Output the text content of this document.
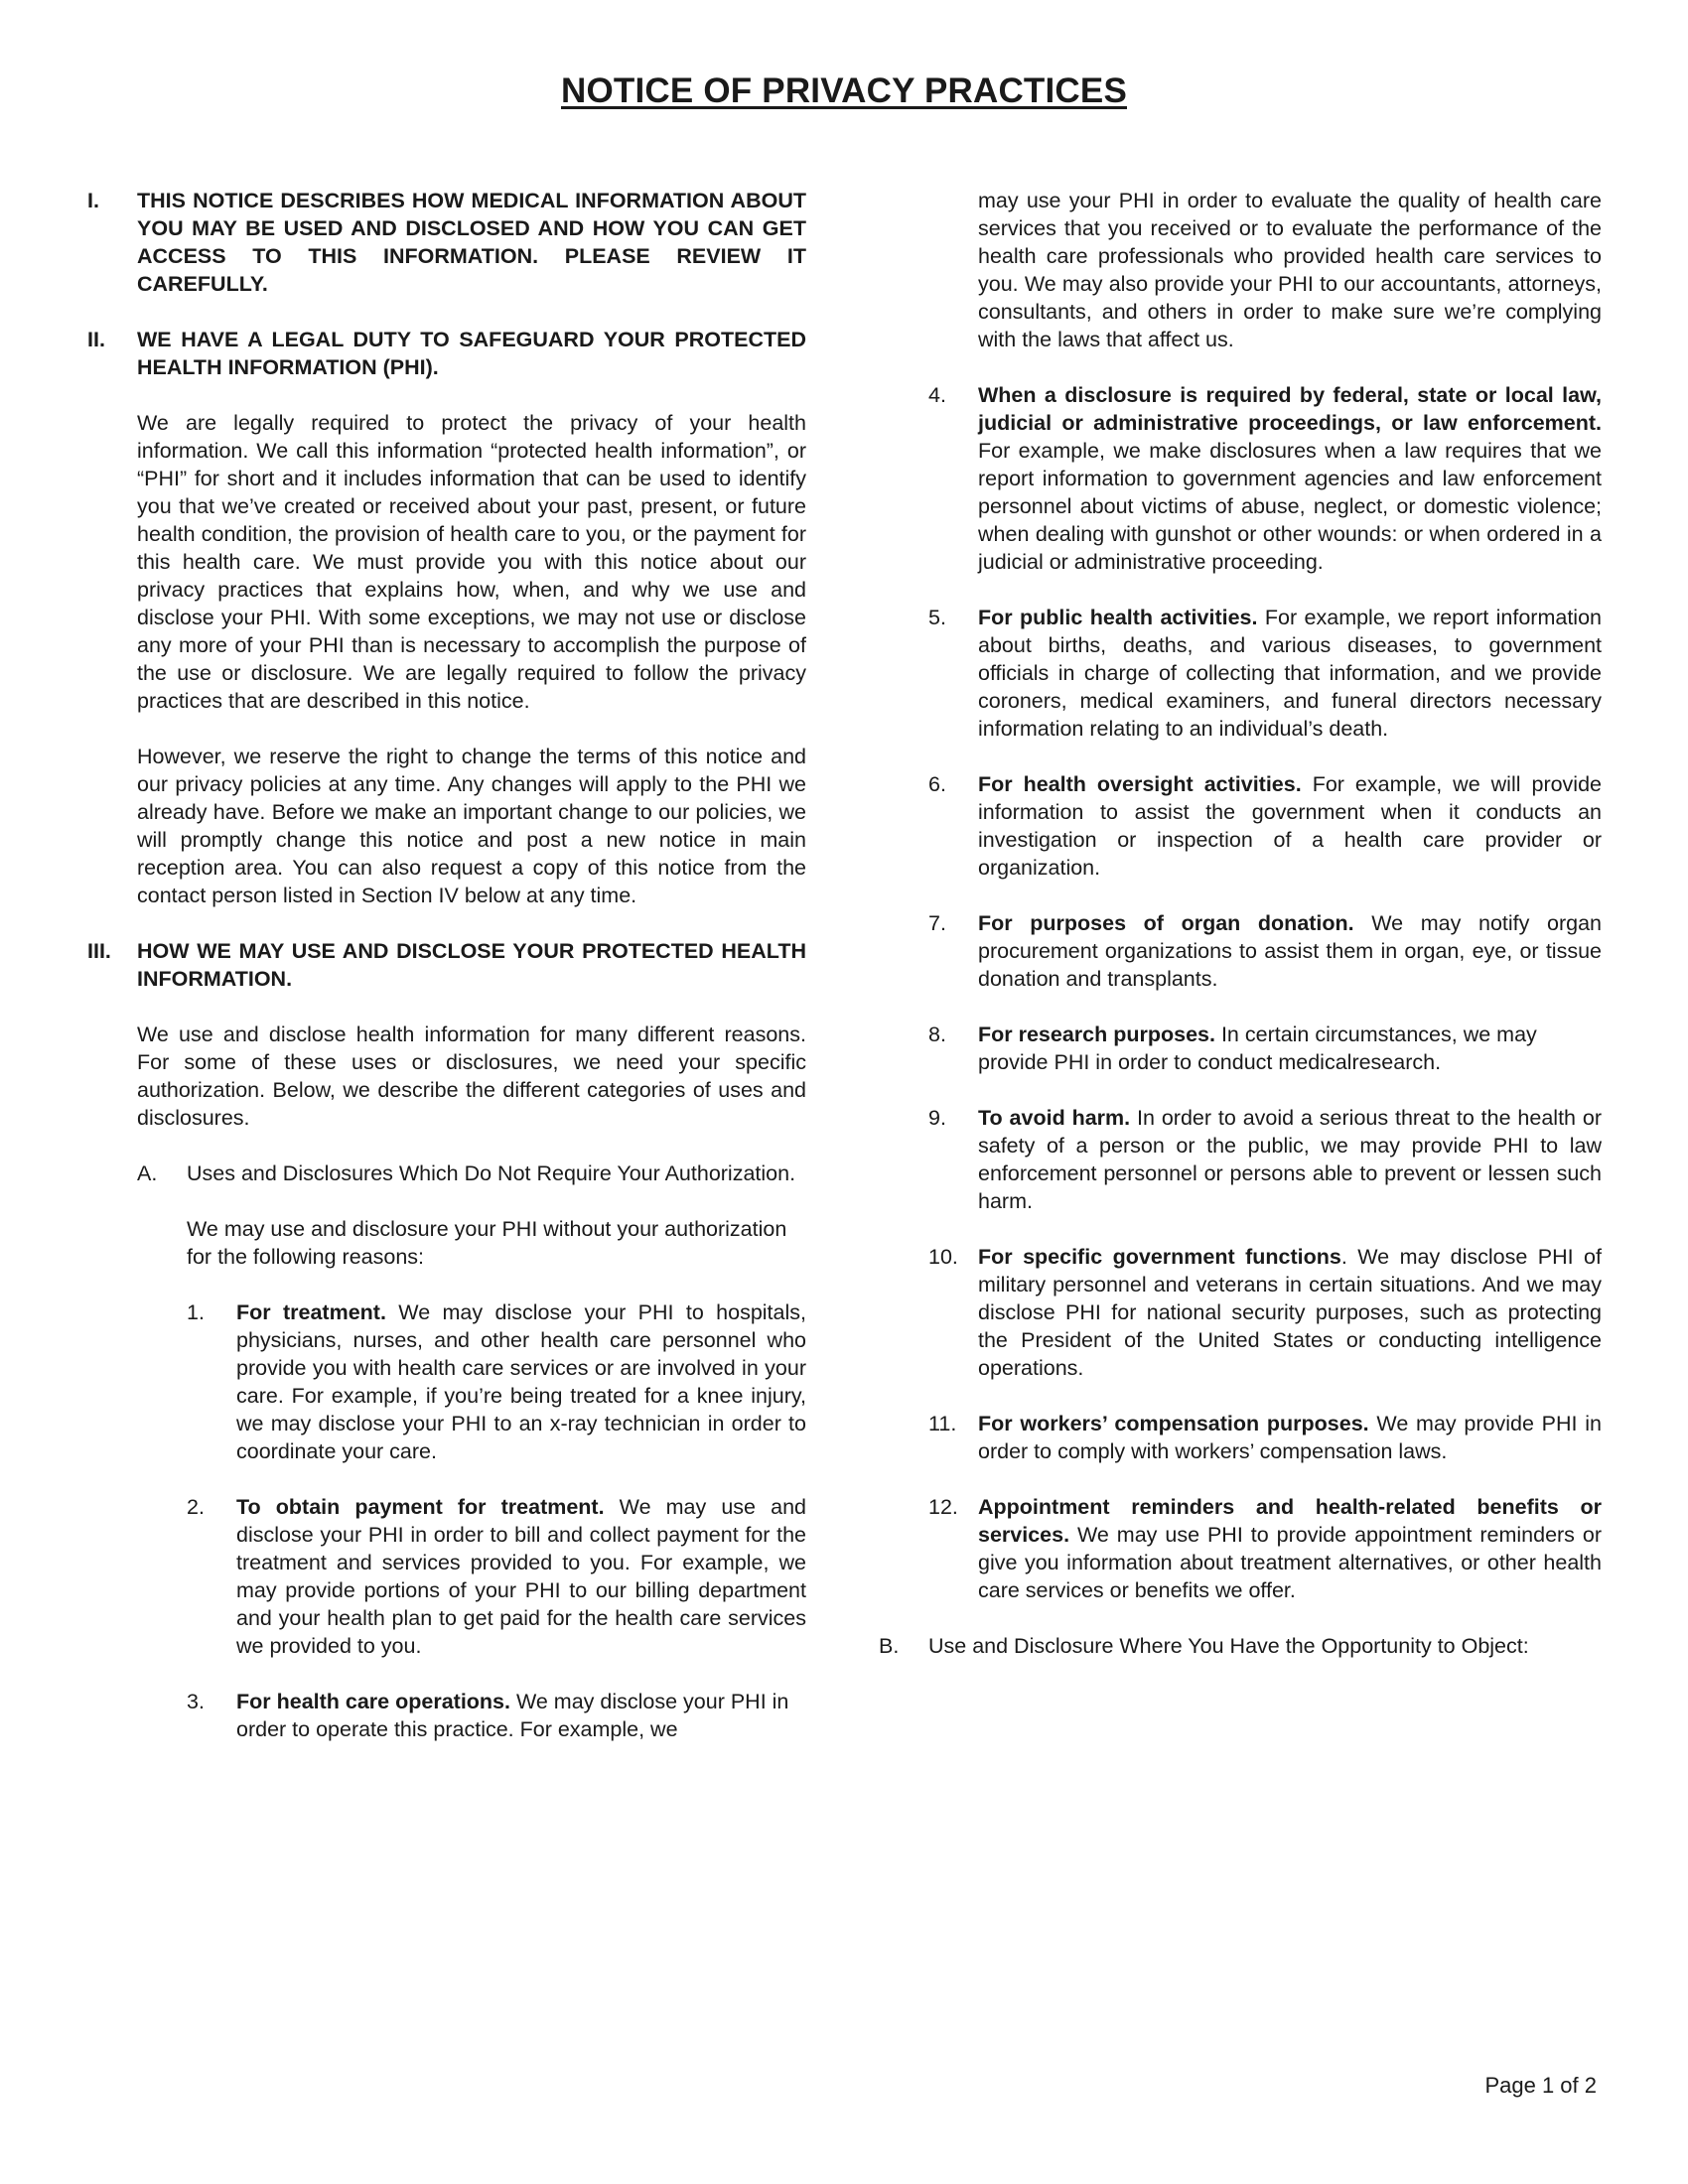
NOTICE OF PRIVACY PRACTICES
I. THIS NOTICE DESCRIBES HOW MEDICAL INFORMATION ABOUT YOU MAY BE USED AND DISCLOSED AND HOW YOU CAN GET ACCESS TO THIS INFORMATION. PLEASE REVIEW IT CAREFULLY.

II. WE HAVE A LEGAL DUTY TO SAFEGUARD YOUR PROTECTED HEALTH INFORMATION (PHI).

We are legally required to protect the privacy of your health information. We call this information “protected health information”, or “PHI” for short and it includes information that can be used to identify you that we’ve created or received about your past, present, or future health condition, the provision of health care to you, or the payment for this health care. We must provide you with this notice about our privacy practices that explains how, when, and why we use and disclose your PHI. With some exceptions, we may not use or disclose any more of your PHI than is necessary to accomplish the purpose of the use or disclosure. We are legally required to follow the privacy practices that are described in this notice.

However, we reserve the right to change the terms of this notice and our privacy policies at any time. Any changes will apply to the PHI we already have. Before we make an important change to our policies, we will promptly change this notice and post a new notice in main reception area. You can also request a copy of this notice from the contact person listed in Section IV below at any time.

III. HOW WE MAY USE AND DISCLOSE YOUR PROTECTED HEALTH INFORMATION.

We use and disclose health information for many different reasons. For some of these uses or disclosures, we need your specific authorization. Below, we describe the different categories of uses and disclosures.

A. Uses and Disclosures Which Do Not Require Your Authorization.

We may use and disclosure your PHI without your authorization for the following reasons:

1. For treatment. We may disclose your PHI to hospitals, physicians, nurses, and other health care personnel who provide you with health care services or are involved in your care. For example, if you’re being treated for a knee injury, we may disclose your PHI to an x-ray technician in order to coordinate your care.

2. To obtain payment for treatment. We may use and disclose your PHI in order to bill and collect payment for the treatment and services provided to you. For example, we may provide portions of your PHI to our billing department and your health plan to get paid for the health care services we provided to you.

3. For health care operations. We may disclose your PHI in order to operate this practice. For example, we

may use your PHI in order to evaluate the quality of health care services that you received or to evaluate the performance of the health care professionals who provided health care services to you. We may also provide your PHI to our accountants, attorneys, consultants, and others in order to make sure we’re complying with the laws that affect us.

4. When a disclosure is required by federal, state or local law, judicial or administrative proceedings, or law enforcement. For example, we make disclosures when a law requires that we report information to government agencies and law enforcement personnel about victims of abuse, neglect, or domestic violence; when dealing with gunshot or other wounds: or when ordered in a judicial or administrative proceeding.

5. For public health activities. For example, we report information about births, deaths, and various diseases, to government officials in charge of collecting that information, and we provide coroners, medical examiners, and funeral directors necessary information relating to an individual’s death.

6. For health oversight activities. For example, we will provide information to assist the government when it conducts an investigation or inspection of a health care provider or organization.

7. For purposes of organ donation. We may notify organ procurement organizations to assist them in organ, eye, or tissue donation and transplants.

8. For research purposes. In certain circumstances, we may provide PHI in order to conduct medicalresearch.

9. To avoid harm. In order to avoid a serious threat to the health or safety of a person or the public, we may provide PHI to law enforcement personnel or persons able to prevent or lessen such harm.

10. For specific government functions. We may disclose PHI of military personnel and veterans in certain situations. And we may disclose PHI for national security purposes, such as protecting the President of the United States or conducting intelligence operations.

11. For workers’ compensation purposes. We may provide PHI in order to comply with workers’ compensation laws.

12. Appointment reminders and health-related benefits or services. We may use PHI to provide appointment reminders or give you information about treatment alternatives, or other health care services or benefits we offer.

B. Use and Disclosure Where You Have the Opportunity to Object:

Page 1 of 2
